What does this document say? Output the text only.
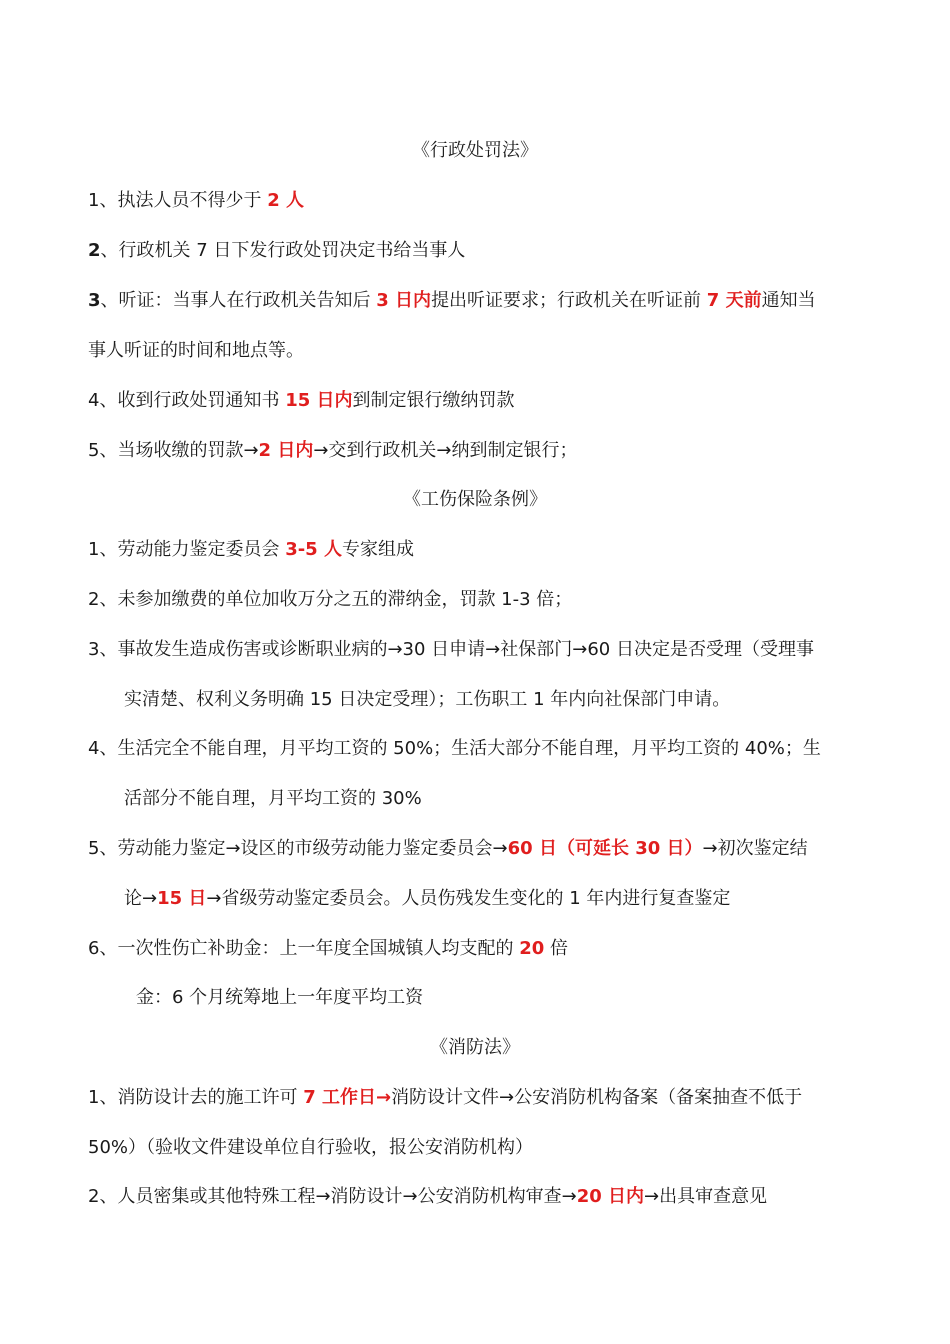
《行政处罚法》
1、执法人员不得少于 2 人
2、行政机关 7 日下发行政处罚决定书给当事人
3、听证：当事人在行政机关告知后 3 日内提出听证要求；行政机关在听证前 7 天前通知当
事人听证的时间和地点等。
4、收到行政处罚通知书 15 日内到制定银行缴纳罚款
5、当场收缴的罚款→2 日内→交到行政机关→纳到制定银行；
《工伤保险条例》
1、劳动能力鉴定委员会 3-5 人专家组成
2、未参加缴费的单位加收万分之五的滞纳金，罚款 1-3 倍；
3、事故发生造成伤害或诊断职业病的→30 日申请→社保部门→60 日决定是否受理（受理事
实清楚、权利义务明确 15 日决定受理）；工伤职工 1 年内向社保部门申请。
4、生活完全不能自理，月平均工资的 50%；生活大部分不能自理，月平均工资的 40%；生
活部分不能自理，月平均工资的 30%
5、劳动能力鉴定→设区的市级劳动能力鉴定委员会→60 日（可延长 30 日）→初次鉴定结
论→15 日→省级劳动鉴定委员会。人员伤残发生变化的 1 年内进行复查鉴定
6、一次性伤亡补助金：上一年度全国城镇人均支配的 20 倍
金：6 个月统筹地上一年度平均工资
《消防法》
1、消防设计去的施工许可 7 工作日→消防设计文件→公安消防机构备案（备案抽查不低于
50%）（验收文件建设单位自行验收，报公安消防机构）
2、人员密集或其他特殊工程→消防设计→公安消防机构审查→20 日内→出具审查意见
